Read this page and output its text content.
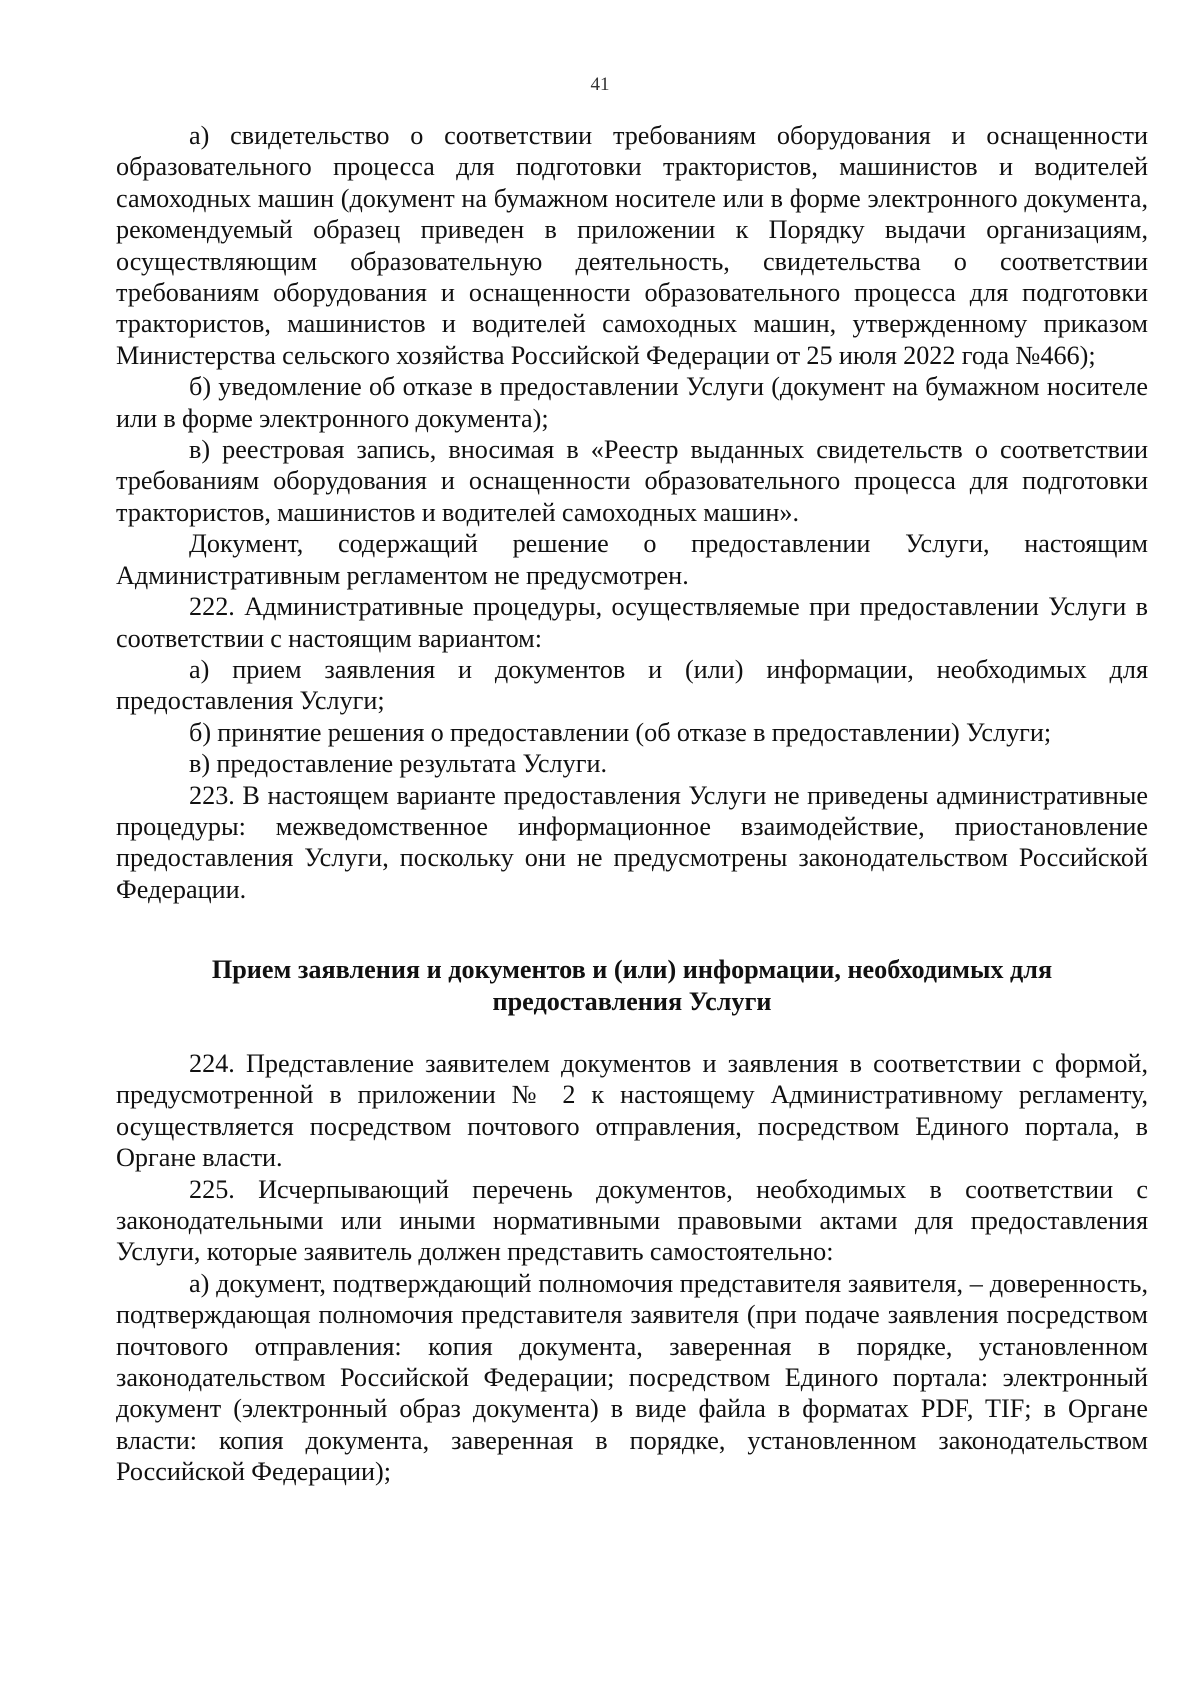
41

а) свидетельство о соответствии требованиям оборудования и оснащенности образовательного процесса для подготовки трактористов, машинистов и водителей самоходных машин (документ на бумажном носителе или в форме электронного документа, рекомендуемый образец приведен в приложении к Порядку выдачи организациям, осуществляющим образовательную деятельность, свидетельства о соответствии требованиям оборудования и оснащенности образовательного процесса для подготовки трактористов, машинистов и водителей самоходных машин, утвержденному приказом Министерства сельского хозяйства Российской Федерации от 25 июля 2022 года №466);

б) уведомление об отказе в предоставлении Услуги (документ на бумажном носителе или в форме электронного документа);

в) реестровая запись, вносимая в «Реестр выданных свидетельств о соответствии требованиям оборудования и оснащенности образовательного процесса для подготовки трактористов, машинистов и водителей самоходных машин».

Документ, содержащий решение о предоставлении Услуги, настоящим Административным регламентом не предусмотрен.

222. Административные процедуры, осуществляемые при предоставлении Услуги в соответствии с настоящим вариантом:

а) прием заявления и документов и (или) информации, необходимых для предоставления Услуги;

б) принятие решения о предоставлении (об отказе в предоставлении) Услуги;

в) предоставление результата Услуги.

223. В настоящем варианте предоставления Услуги не приведены административные процедуры: межведомственное информационное взаимодействие, приостановление предоставления Услуги, поскольку они не предусмотрены законодательством Российской Федерации.

Прием заявления и документов и (или) информации, необходимых для предоставления Услуги

224. Представление заявителем документов и заявления в соответствии с формой, предусмотренной в приложении № 2 к настоящему Административному регламенту, осуществляется посредством почтового отправления, посредством Единого портала, в Органе власти.

225. Исчерпывающий перечень документов, необходимых в соответствии с законодательными или иными нормативными правовыми актами для предоставления Услуги, которые заявитель должен представить самостоятельно:

а) документ, подтверждающий полномочия представителя заявителя, – доверенность, подтверждающая полномочия представителя заявителя (при подаче заявления посредством почтового отправления: копия документа, заверенная в порядке, установленном законодательством Российской Федерации; посредством Единого портала: электронный документ (электронный образ документа) в виде файла в форматах PDF, TIF; в Органе власти: копия документа, заверенная в порядке, установленном законодательством Российской Федерации);
